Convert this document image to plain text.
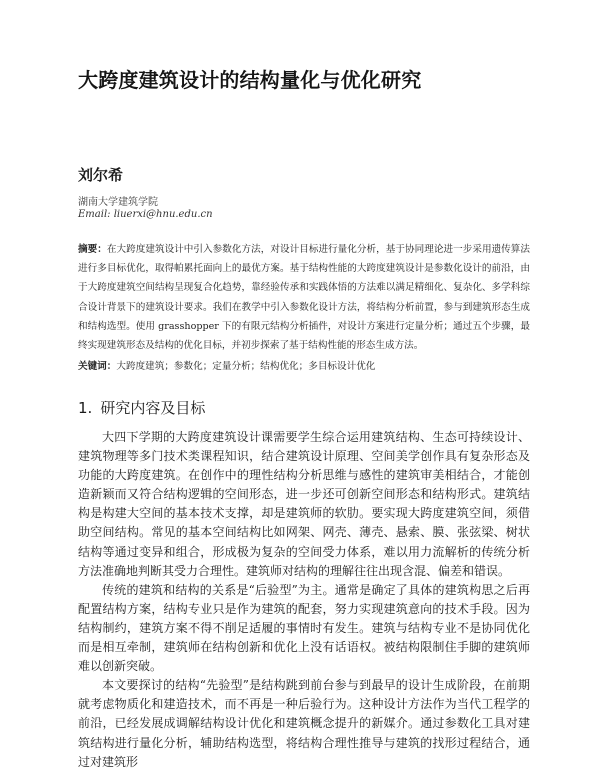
大跨度建筑设计的结构量化与优化研究
刘尔希
湖南大学建筑学院
Email: liuerxi@hnu.edu.cn
摘要：在大跨度建筑设计中引入参数化方法，对设计目标进行量化分析，基于协同理论进一步采用遗传算法进行多目标优化，取得帕累托面向上的最优方案。基于结构性能的大跨度建筑设计是参数化设计的前沿，由于大跨度建筑空间结构呈现复合化趋势，靠经验传承和实践体悟的方法难以满足精细化、复杂化、多学科综合设计背景下的建筑设计要求。我们在教学中引入参数化设计方法，将结构分析前置，参与到建筑形态生成和结构选型。使用 grasshopper 下的有限元结构分析插件，对设计方案进行定量分析；通过五个步骤，最终实现建筑形态及结构的优化目标，并初步探索了基于结构性能的形态生成方法。
关键词：大跨度建筑；参数化；定量分析；结构优化；多目标设计优化
1. 研究内容及目标

大四下学期的大跨度建筑设计课需要学生综合运用建筑结构、生态可持续设计、建筑物理等多门技术类课程知识，结合建筑设计原理、空间美学创作具有复杂形态及功能的大跨度建筑。在创作中的理性结构分析思维与感性的建筑审美相结合，才能创造新颖而又符合结构逻辑的空间形态，进一步还可创新空间形态和结构形式。建筑结构是构建大空间的基本技术支撑，却是建筑师的软肋。要实现大跨度建筑空间，须借助空间结构。常见的基本空间结构比如网架、网壳、薄壳、悬索、膜、张弦梁、树状结构等通过变异和组合，形成极为复杂的空间受力体系，难以用力流解析的传统分析方法准确地判断其受力合理性。建筑师对结构的理解往往出现含混、偏差和错误。

传统的建筑和结构的关系是“后验型”为主。通常是确定了具体的建筑构思之后再配置结构方案，结构专业只是作为建筑的配套，努力实现建筑意向的技术手段。因为结构制约，建筑方案不得不削足适履的事情时有发生。建筑与结构专业不是协同优化而是相互牵制，建筑师在结构创新和优化上没有话语权。被结构限制住手脚的建筑师难以创新突破。

本文要探讨的结构“先验型”是结构跳到前台参与到最早的设计生成阶段，在前期就考虑物质化和建造技术，而不再是一种后验行为。这种设计方法作为当代工程学的前沿，已经发展成调解结构设计优化和建筑概念提升的新媒介。通过参数化工具对建筑结构进行量化分析，辅助结构选型，将结构合理性推导与建筑的找形过程结合，通过对建筑形
